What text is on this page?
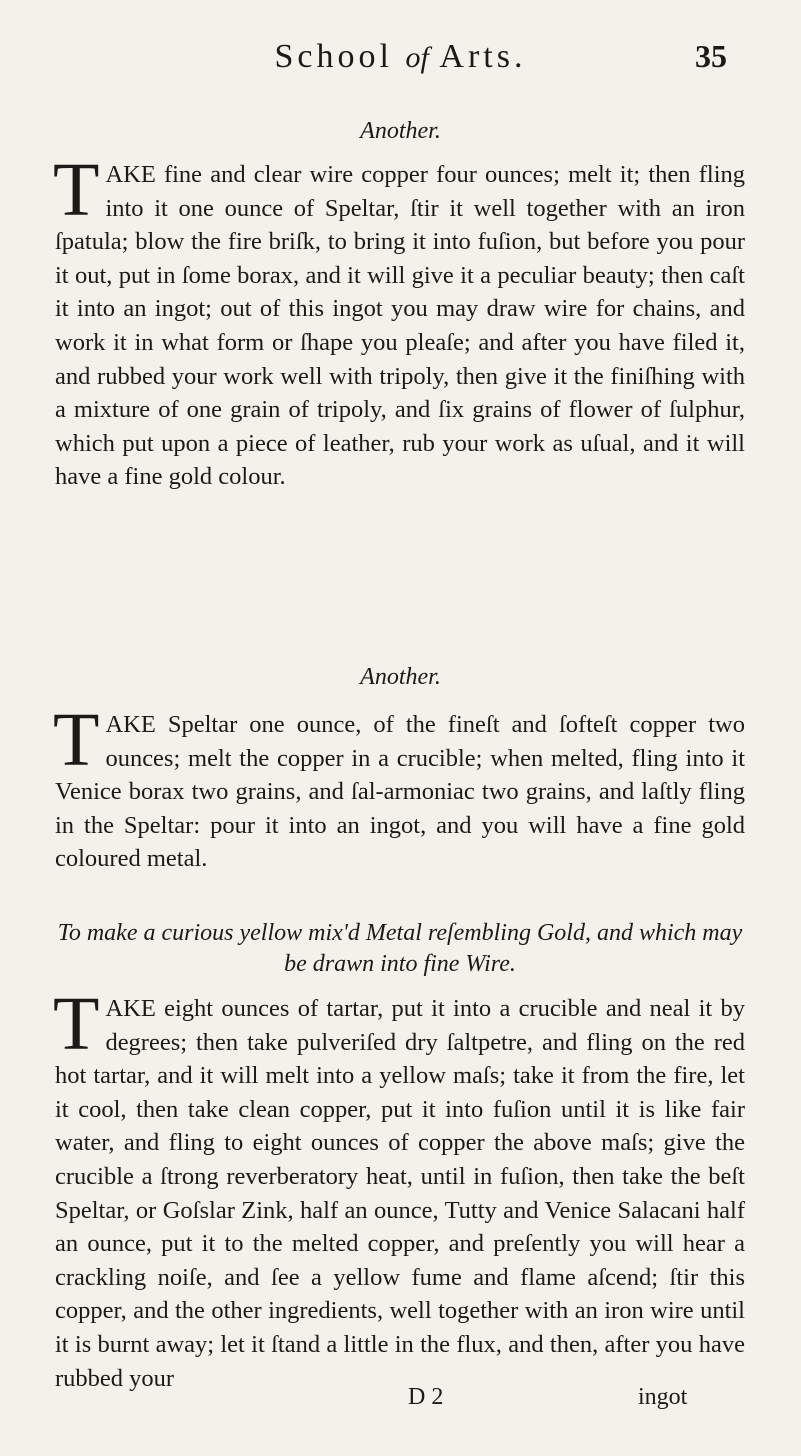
School of Arts.	35
Another.
T AKE fine and clear wire copper four ounces; melt it; then fling into it one ounce of Speltar, ſtir it well together with an iron ſpatula; blow the fire briſk, to bring it into fuſion, but before you pour it out, put in ſome borax, and it will give it a peculiar beauty; then caſt it into an ingot; out of this ingot you may draw wire for chains, and work it in what form or ſhape you pleaſe; and after you have filed it, and rubbed your work well with tripoly, then give it the finiſhing with a mixture of one grain of tripoly, and ſix grains of flower of ſulphur, which put upon a piece of leather, rub your work as uſual, and it will have a fine gold colour.
Another.
T AKE Speltar one ounce, of the fineſt and ſofteſt copper two ounces; melt the copper in a crucible; when melted, fling into it Venice borax two grains, and ſal-armoniac two grains, and laſtly fling in the Speltar: pour it into an ingot, and you will have a fine gold coloured metal.
To make a curious yellow mix'd Metal reſembling Gold, and which may be drawn into fine Wire.
T AKE eight ounces of tartar, put it into a crucible and neal it by degrees; then take pulveriſed dry ſaltpetre, and fling on the red hot tartar, and it will melt into a yellow maſs; take it from the fire, let it cool, then take clean copper, put it into fuſion until it is like fair water, and fling to eight ounces of copper the above maſs; give the crucible a ſtrong reverberatory heat, until in fuſion, then take the beſt Speltar, or Goſslar Zink, half an ounce, Tutty and Venice Salacani half an ounce, put it to the melted copper, and preſently you will hear a crackling noiſe, and ſee a yellow fume and flame aſcend; ſtir this copper, and the other ingredients, well together with an iron wire until it is burnt away; let it ſtand a little in the flux, and then, after you have rubbed your
D 2	ingot
